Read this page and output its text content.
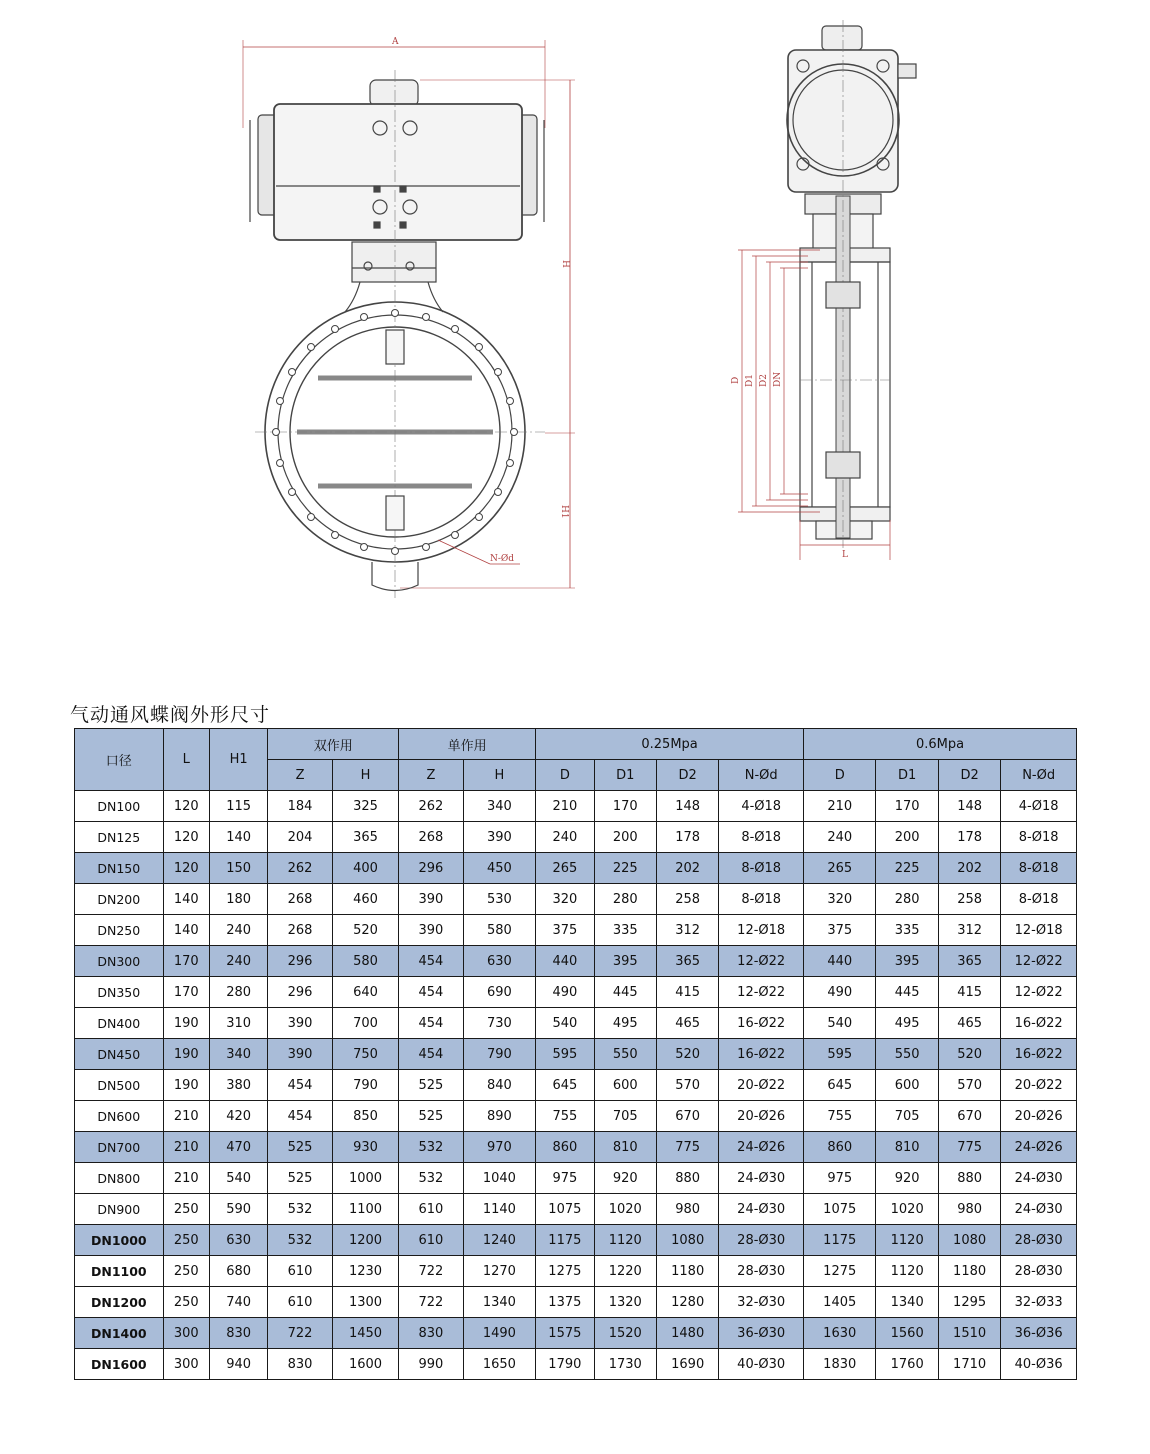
A
H
H1
N-Ød
D D1 D2 DN
L
气动通风蝶阀外形尺寸
口径	L	H1	双作用		单作用		0.25Mpa				0.6Mpa			
			Z	H	Z	H	D	D1	D2	N-Ød	D	D1	D2	N-Ød
DN100	120	115	184	325	262	340	210	170	148	4-Ø18	210	170	148	4-Ø18
DN125	120	140	204	365	268	390	240	200	178	8-Ø18	240	200	178	8-Ø18
DN150	120	150	262	400	296	450	265	225	202	8-Ø18	265	225	202	8-Ø18
DN200	140	180	268	460	390	530	320	280	258	8-Ø18	320	280	258	8-Ø18
DN250	140	240	268	520	390	580	375	335	312	12-Ø18	375	335	312	12-Ø18
DN300	170	240	296	580	454	630	440	395	365	12-Ø22	440	395	365	12-Ø22
DN350	170	280	296	640	454	690	490	445	415	12-Ø22	490	445	415	12-Ø22
DN400	190	310	390	700	454	730	540	495	465	16-Ø22	540	495	465	16-Ø22
DN450	190	340	390	750	454	790	595	550	520	16-Ø22	595	550	520	16-Ø22
DN500	190	380	454	790	525	840	645	600	570	20-Ø22	645	600	570	20-Ø22
DN600	210	420	454	850	525	890	755	705	670	20-Ø26	755	705	670	20-Ø26
DN700	210	470	525	930	532	970	860	810	775	24-Ø26	860	810	775	24-Ø26
DN800	210	540	525	1000	532	1040	975	920	880	24-Ø30	975	920	880	24-Ø30
DN900	250	590	532	1100	610	1140	1075	1020	980	24-Ø30	1075	1020	980	24-Ø30
DN1000	250	630	532	1200	610	1240	1175	1120	1080	28-Ø30	1175	1120	1080	28-Ø30
DN1100	250	680	610	1230	722	1270	1275	1220	1180	28-Ø30	1275	1120	1180	28-Ø30
DN1200	250	740	610	1300	722	1340	1375	1320	1280	32-Ø30	1405	1340	1295	32-Ø33
DN1400	300	830	722	1450	830	1490	1575	1520	1480	36-Ø30	1630	1560	1510	36-Ø36
DN1600	300	940	830	1600	990	1650	1790	1730	1690	40-Ø30	1830	1760	1710	40-Ø36
